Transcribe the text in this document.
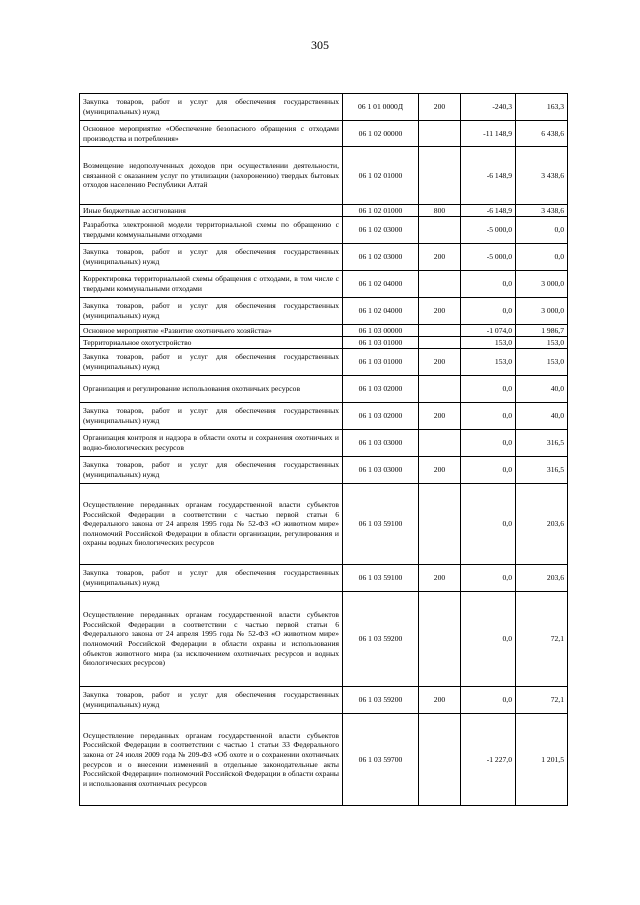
305
Закупка товаров, работ и услуг для обеспечения государственных (муниципальных) нужд	06 1 01 0000Д	200	-240,3	163,3
Основное мероприятие «Обеспечение безопасного обращения с отходами производства и потребления»	06 1 02 00000		-11 148,9	6 438,6
Возмещение недополученных доходов при осуществлении деятельности, связанной с оказанием услуг по утилизации (захоронению) твердых бытовых отходов населению Республики Алтай	06 1 02 01000		-6 148,9	3 438,6
Иные бюджетные ассигнования	06 1 02 01000	800	-6 148,9	3 438,6
Разработка электронной модели территориальной схемы по обращению с твердыми коммунальными отходами	06 1 02 03000		-5 000,0	0,0
Закупка товаров, работ и услуг для обеспечения государственных (муниципальных) нужд	06 1 02 03000	200	-5 000,0	0,0
Корректировка территориальной схемы обращения с отходами, в том числе с твердыми коммунальными отходами	06 1 02 04000		0,0	3 000,0
Закупка товаров, работ и услуг для обеспечения государственных (муниципальных) нужд	06 1 02 04000	200	0,0	3 000,0
Основное мероприятие «Развитие охотничьего хозяйства»	06 1 03 00000		-1 074,0	1 986,7
Территориальное охотустройство	06 1 03 01000		153,0	153,0
Закупка товаров, работ и услуг для обеспечения государственных (муниципальных) нужд	06 1 03 01000	200	153,0	153,0
Организация и регулирование использования охотничьих ресурсов	06 1 03 02000		0,0	40,0
Закупка товаров, работ и услуг для обеспечения государственных (муниципальных) нужд	06 1 03 02000	200	0,0	40,0
Организация контроля и надзора в области охоты и сохранения охотничьих и водно-биологических ресурсов	06 1 03 03000		0,0	316,5
Закупка товаров, работ и услуг для обеспечения государственных (муниципальных) нужд	06 1 03 03000	200	0,0	316,5
Осуществление переданных органам государственной власти субъектов Российской Федерации в соответствии с частью первой статьи 6 Федерального закона от 24 апреля 1995 года № 52-ФЗ «О животном мире» полномочий Российской Федерации в области организации, регулирования и охраны водных биологических ресурсов	06 1 03 59100		0,0	203,6
Закупка товаров, работ и услуг для обеспечения государственных (муниципальных) нужд	06 1 03 59100	200	0,0	203,6
Осуществление переданных органам государственной власти субъектов Российской Федерации в соответствии с частью первой статьи 6 Федерального закона от 24 апреля 1995 года № 52-ФЗ «О животном мире» полномочий Российской Федерации в области охраны и использования объектов животного мира (за исключением охотничьих ресурсов и водных биологических ресурсов)	06 1 03 59200		0,0	72,1
Закупка товаров, работ и услуг для обеспечения государственных (муниципальных) нужд	06 1 03 59200	200	0,0	72,1
Осуществление переданных органам государственной власти субъектов Российской Федерации в соответствии с частью 1 статьи 33 Федерального закона от 24 июля 2009 года № 209-ФЗ «Об охоте и о сохранении охотничьих ресурсов и о внесении изменений в отдельные законодательные акты Российской Федерации» полномочий Российской Федерации в области охраны и использования охотничьих ресурсов	06 1 03 59700		-1 227,0	1 201,5
